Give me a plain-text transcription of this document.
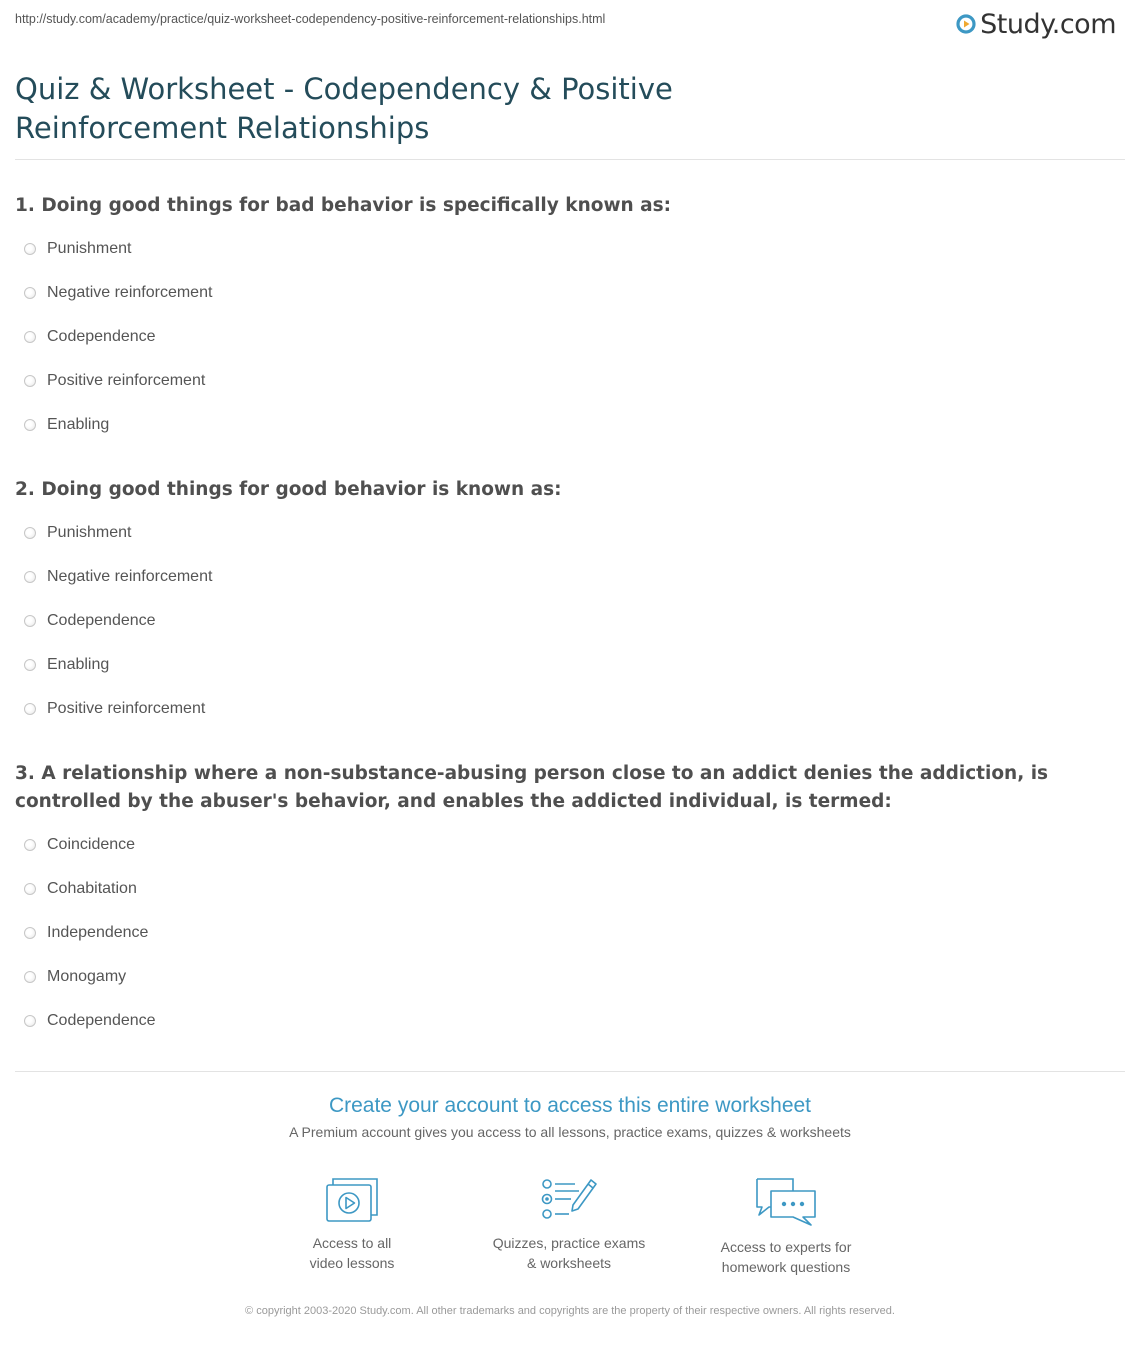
http://study.com/academy/practice/quiz-worksheet-codependency-positive-reinforcement-relationships.html	Study.com
Quiz & Worksheet - Codependency & Positive Reinforcement Relationships

1. Doing good things for bad behavior is specifically known as:

Punishment
Negative reinforcement
Codependence
Positive reinforcement
Enabling

2. Doing good things for good behavior is known as:

Punishment
Negative reinforcement
Codependence
Enabling
Positive reinforcement

3. A relationship where a non-substance-abusing person close to an addict denies the addiction, is controlled by the abuser's behavior, and enables the addicted individual, is termed:

Coincidence
Cohabitation
Independence
Monogamy
Codependence
Create your account to access this entire worksheet
A Premium account gives you access to all lessons, practice exams, quizzes & worksheets
Access to all
video lessons
Quizzes, practice exams
& worksheets
Access to experts for
homework questions
© copyright 2003-2020 Study.com. All other trademarks and copyrights are the property of their respective owners. All rights reserved.
